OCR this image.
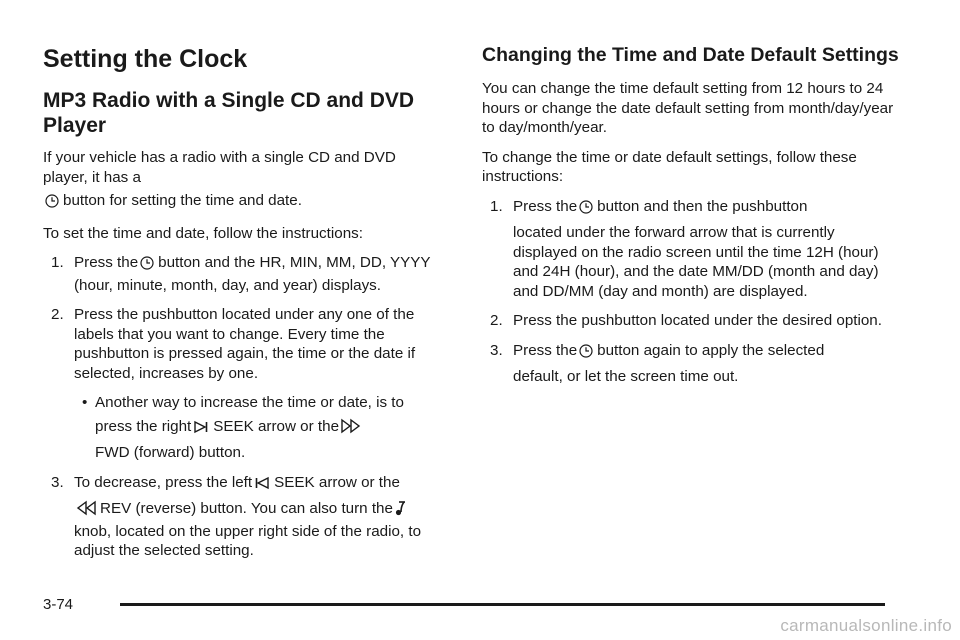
Setting the Clock
MP3 Radio with a Single CD and DVD Player

If your vehicle has a radio with a single CD and DVD player, it has a
button for setting the time and date.

To set the time and date, follow the instructions:

1. Press the button and the HR, MIN, MM, DD, YYYY (hour, minute, month, day, and year) displays.
2. Press the pushbutton located under any one of the labels that you want to change. Every time the pushbutton is pressed again, the time or the date if selected, increases by one.
• Another way to increase the time or date, is to
press the right SEEK arrow or the
FWD (forward) button.
3. To decrease, press the left SEEK arrow or the
REV (reverse) button. You can also turn the
knob, located on the upper right side of the radio, to adjust the selected setting.
Changing the Time and Date Default Settings

You can change the time default setting from 12 hours to 24 hours or change the date default setting from month/day/year to day/month/year.

To change the time or date default settings, follow these instructions:

1. Press the button and then the pushbutton
located under the forward arrow that is currently displayed on the radio screen until the time 12H (hour) and 24H (hour), and the date MM/DD (month and day) and DD/MM (day and month) are displayed.
2. Press the pushbutton located under the desired option.
3. Press the button again to apply the selected
default, or let the screen time out.
3-74
carmanualsonline.info
